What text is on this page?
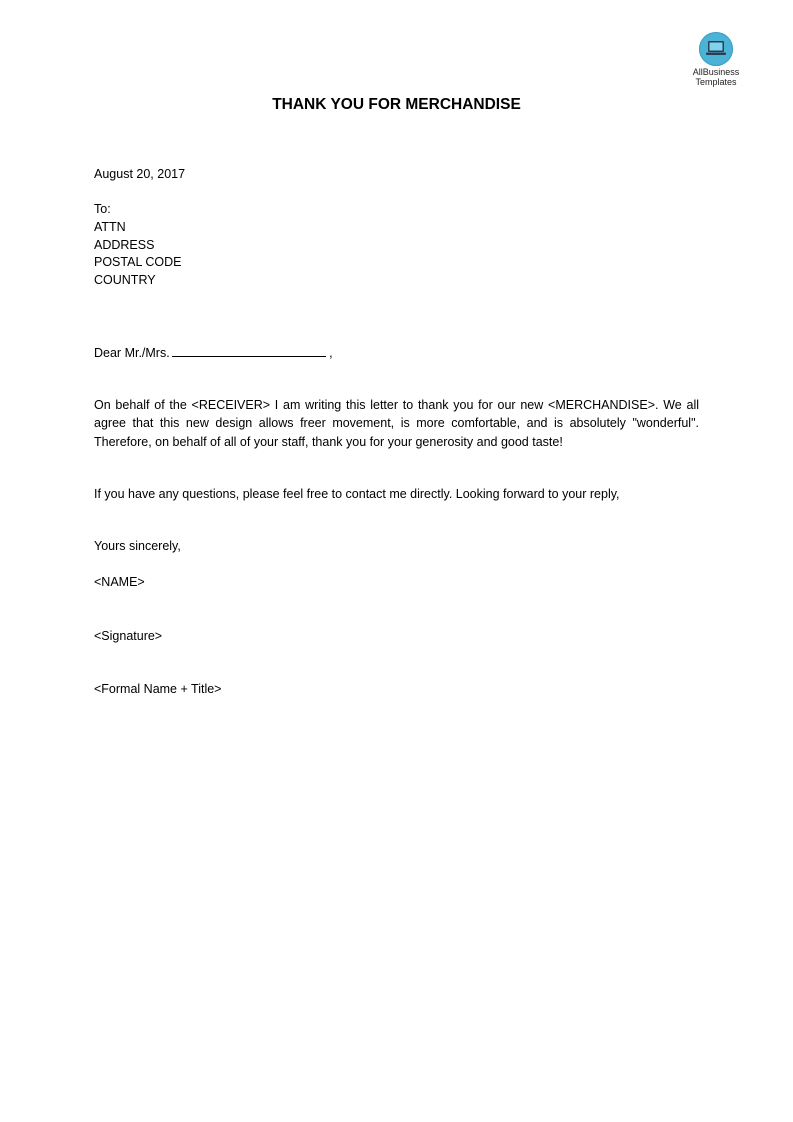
AllBusiness
Templates
THANK YOU FOR MERCHANDISE
August 20, 2017
To:
ATTN
ADDRESS
POSTAL CODE
COUNTRY
Dear Mr./Mrs.	,
On behalf of the <RECEIVER> I am writing this letter to thank you for our new <MERCHANDISE>. We all agree that this new design allows freer movement, is more comfortable, and is absolutely "wonderful". Therefore, on behalf of all of your staff, thank you for your generosity and good taste!
If you have any questions, please feel free to contact me directly. Looking forward to your reply,
Yours sincerely,
<NAME>
<Signature>
<Formal Name + Title>
